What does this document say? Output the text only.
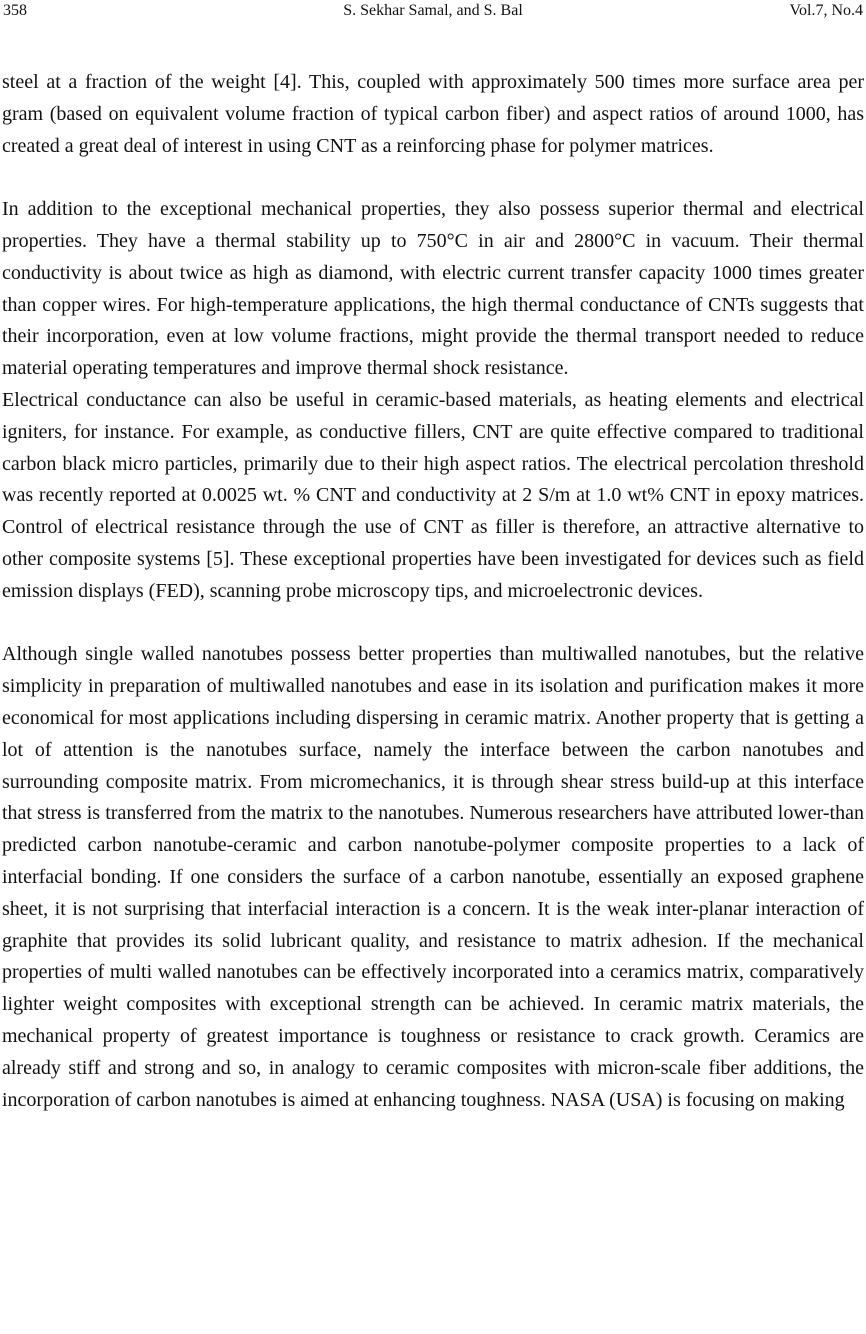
358	S. Sekhar Samal, and S. Bal	Vol.7, No.4

steel at a fraction of the weight [4]. This, coupled with approximately 500 times more surface area per gram (based on equivalent volume fraction of typical carbon fiber) and aspect ratios of around 1000, has created a great deal of interest in using CNT as a reinforcing phase for polymer matrices.

In addition to the exceptional mechanical properties, they also possess superior thermal and electrical properties. They have a thermal stability up to 750°C in air and 2800°C in vacuum. Their thermal conductivity is about twice as high as diamond, with electric current transfer capacity 1000 times greater than copper wires. For high-temperature applications, the high thermal conductance of CNTs suggests that their incorporation, even at low volume fractions, might provide the thermal transport needed to reduce material operating temperatures and improve thermal shock resistance.

Electrical conductance can also be useful in ceramic-based materials, as heating elements and electrical igniters, for instance. For example, as conductive fillers, CNT are quite effective compared to traditional carbon black micro particles, primarily due to their high aspect ratios. The electrical percolation threshold was recently reported at 0.0025 wt. % CNT and conductivity at 2 S/m at 1.0 wt% CNT in epoxy matrices. Control of electrical resistance through the use of CNT as filler is therefore, an attractive alternative to other composite systems [5]. These exceptional properties have been investigated for devices such as field emission displays (FED), scanning probe microscopy tips, and microelectronic devices.

Although single walled nanotubes possess better properties than multiwalled nanotubes, but the relative simplicity in preparation of multiwalled nanotubes and ease in its isolation and purification makes it more economical for most applications including dispersing in ceramic matrix. Another property that is getting a lot of attention is the nanotubes surface, namely the interface between the carbon nanotubes and surrounding composite matrix. From micromechanics, it is through shear stress build-up at this interface that stress is transferred from the matrix to the nanotubes. Numerous researchers have attributed lower-than predicted carbon nanotube-ceramic and carbon nanotube-polymer composite properties to a lack of interfacial bonding. If one considers the surface of a carbon nanotube, essentially an exposed graphene sheet, it is not surprising that interfacial interaction is a concern. It is the weak inter-planar interaction of graphite that provides its solid lubricant quality, and resistance to matrix adhesion. If the mechanical properties of multi walled nanotubes can be effectively incorporated into a ceramics matrix, comparatively lighter weight composites with exceptional strength can be achieved. In ceramic matrix materials, the mechanical property of greatest importance is toughness or resistance to crack growth. Ceramics are already stiff and strong and so, in analogy to ceramic composites with micron-scale fiber additions, the incorporation of carbon nanotubes is aimed at enhancing toughness. NASA (USA) is focusing on making
